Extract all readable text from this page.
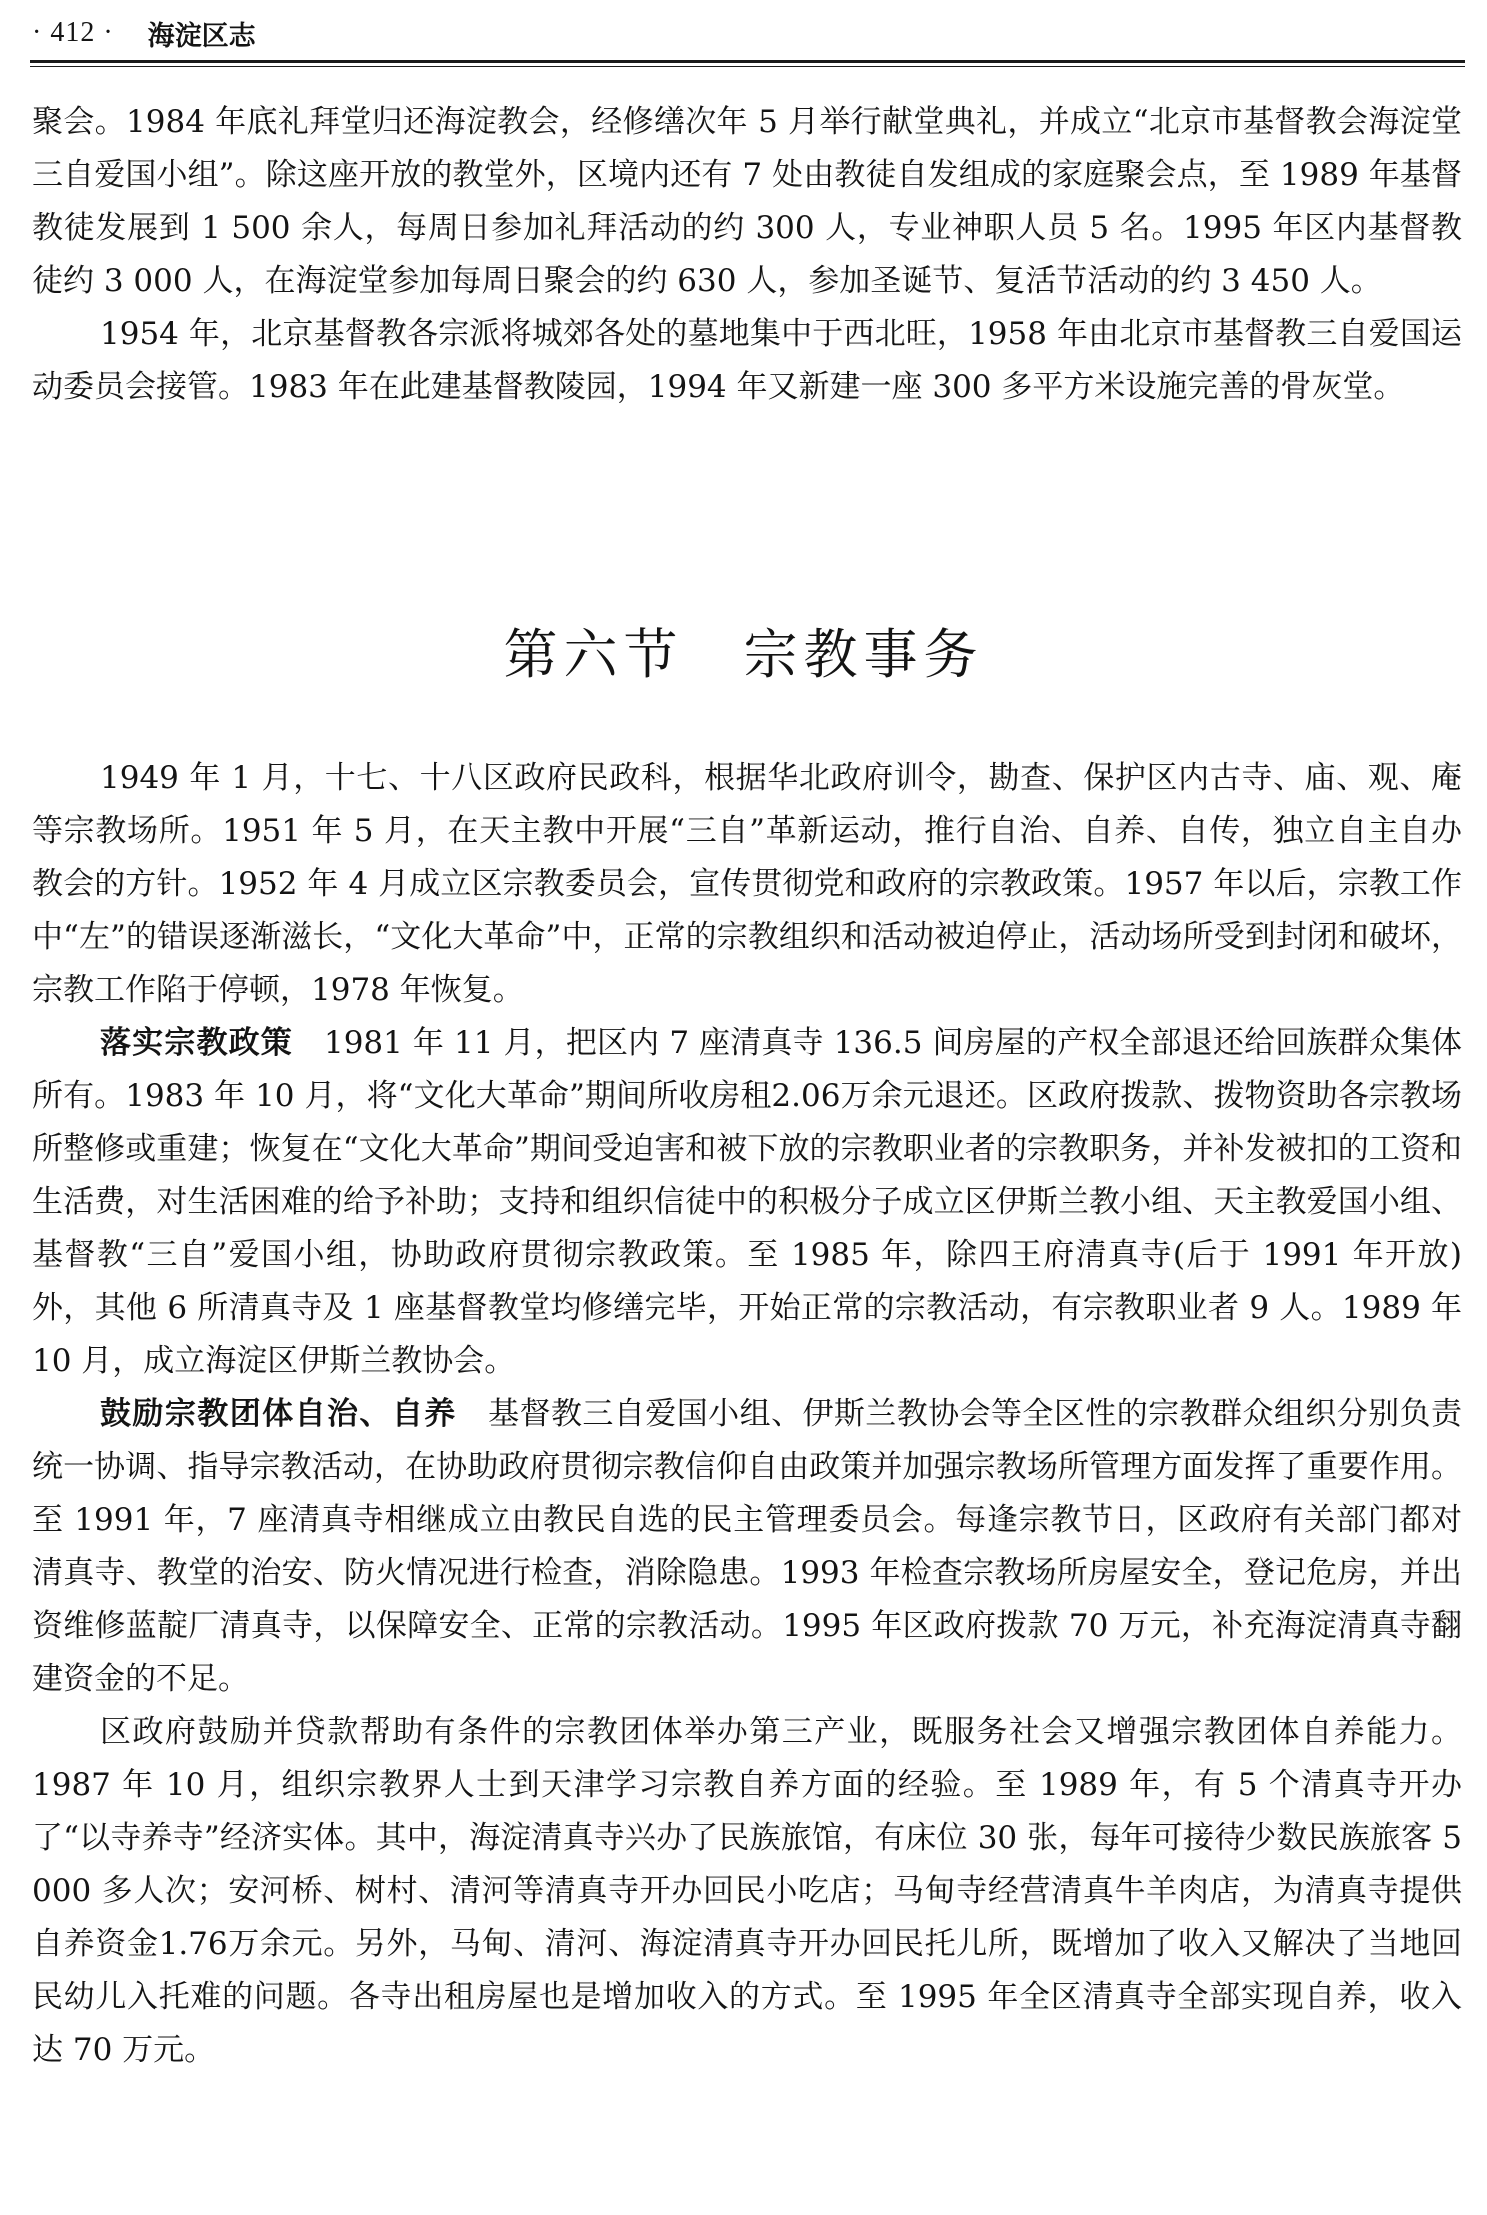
· 412 · 海淀区志

聚会。1984 年底礼拜堂归还海淀教会，经修缮次年 5 月举行献堂典礼，并成立“北京市基督教会海淀堂三自爱国小组”。除这座开放的教堂外，区境内还有 7 处由教徒自发组成的家庭聚会点，至 1989 年基督教徒发展到 1 500 余人，每周日参加礼拜活动的约 300 人，专业神职人员 5 名。1995 年区内基督教徒约 3 000 人，在海淀堂参加每周日聚会的约 630 人，参加圣诞节、复活节活动的约 3 450 人。

1954 年，北京基督教各宗派将城郊各处的墓地集中于西北旺，1958 年由北京市基督教三自爱国运动委员会接管。1983 年在此建基督教陵园，1994 年又新建一座 300 多平方米设施完善的骨灰堂。

第六节　宗教事务

1949 年 1 月，十七、十八区政府民政科，根据华北政府训令，勘查、保护区内古寺、庙、观、庵等宗教场所。1951 年 5 月，在天主教中开展“三自”革新运动，推行自治、自养、自传，独立自主自办教会的方针。1952 年 4 月成立区宗教委员会，宣传贯彻党和政府的宗教政策。1957 年以后，宗教工作中“左”的错误逐渐滋长，“文化大革命”中，正常的宗教组织和活动被迫停止，活动场所受到封闭和破坏，宗教工作陷于停顿，1978 年恢复。

落实宗教政策  1981 年 11 月，把区内 7 座清真寺 136.5 间房屋的产权全部退还给回族群众集体所有。1983 年 10 月，将“文化大革命”期间所收房租2.06万余元退还。区政府拨款、拨物资助各宗教场所整修或重建；恢复在“文化大革命”期间受迫害和被下放的宗教职业者的宗教职务，并补发被扣的工资和生活费，对生活困难的给予补助；支持和组织信徒中的积极分子成立区伊斯兰教小组、天主教爱国小组、基督教“三自”爱国小组，协助政府贯彻宗教政策。至 1985 年，除四王府清真寺(后于 1991 年开放)外，其他 6 所清真寺及 1 座基督教堂均修缮完毕，开始正常的宗教活动，有宗教职业者 9 人。1989 年 10 月，成立海淀区伊斯兰教协会。

鼓励宗教团体自治、自养  基督教三自爱国小组、伊斯兰教协会等全区性的宗教群众组织分别负责统一协调、指导宗教活动，在协助政府贯彻宗教信仰自由政策并加强宗教场所管理方面发挥了重要作用。至 1991 年，7 座清真寺相继成立由教民自选的民主管理委员会。每逢宗教节日，区政府有关部门都对清真寺、教堂的治安、防火情况进行检查，消除隐患。1993 年检查宗教场所房屋安全，登记危房，并出资维修蓝靛厂清真寺，以保障安全、正常的宗教活动。1995 年区政府拨款 70 万元，补充海淀清真寺翻建资金的不足。

区政府鼓励并贷款帮助有条件的宗教团体举办第三产业，既服务社会又增强宗教团体自养能力。1987 年 10 月，组织宗教界人士到天津学习宗教自养方面的经验。至 1989 年，有 5 个清真寺开办了“以寺养寺”经济实体。其中，海淀清真寺兴办了民族旅馆，有床位 30 张，每年可接待少数民族旅客 5 000 多人次；安河桥、树村、清河等清真寺开办回民小吃店；马甸寺经营清真牛羊肉店，为清真寺提供自养资金1.76万余元。另外，马甸、清河、海淀清真寺开办回民托儿所，既增加了收入又解决了当地回民幼儿入托难的问题。各寺出租房屋也是增加收入的方式。至 1995 年全区清真寺全部实现自养，收入达 70 万元。
